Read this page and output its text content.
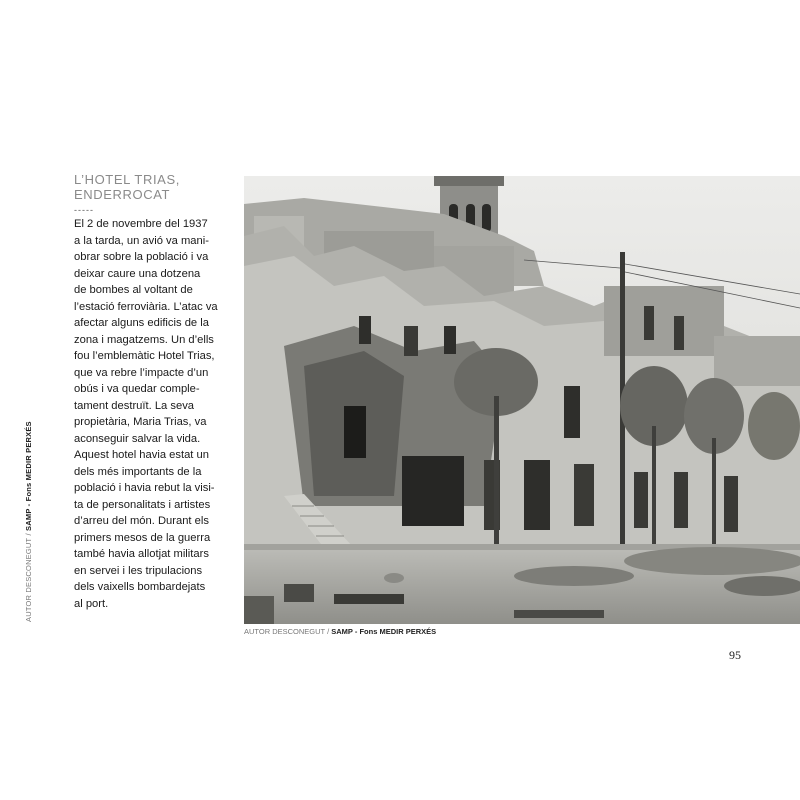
AUTOR DESCONEGUT / SAMP - Fons MEDIR PERXÉS
L’HOTEL TRIAS,
ENDERROCAT
-----
El 2 de novembre del 1937
a la tarda, un avió va mani-
obrar sobre la població i va
deixar caure una dotzena
de bombes al voltant de
l’estació ferroviària. L’atac va
afectar alguns edificis de la
zona i magatzems. Un d’ells
fou l’emblemàtic Hotel Trias,
que va rebre l’impacte d’un
obús i va quedar comple-
tament destruït. La seva
propietària, Maria Trias, va
aconseguir salvar la vida.
Aquest hotel havia estat un
dels més importants de la
població i havia rebut la visi-
ta de personalitats i artistes
d’arreu del món. Durant els
primers mesos de la guerra
també havia allotjat militars
en servei i les tripulacions
dels vaixells bombardejats
al port.
AUTOR DESCONEGUT / SAMP - Fons MEDIR PERXÉS
95
